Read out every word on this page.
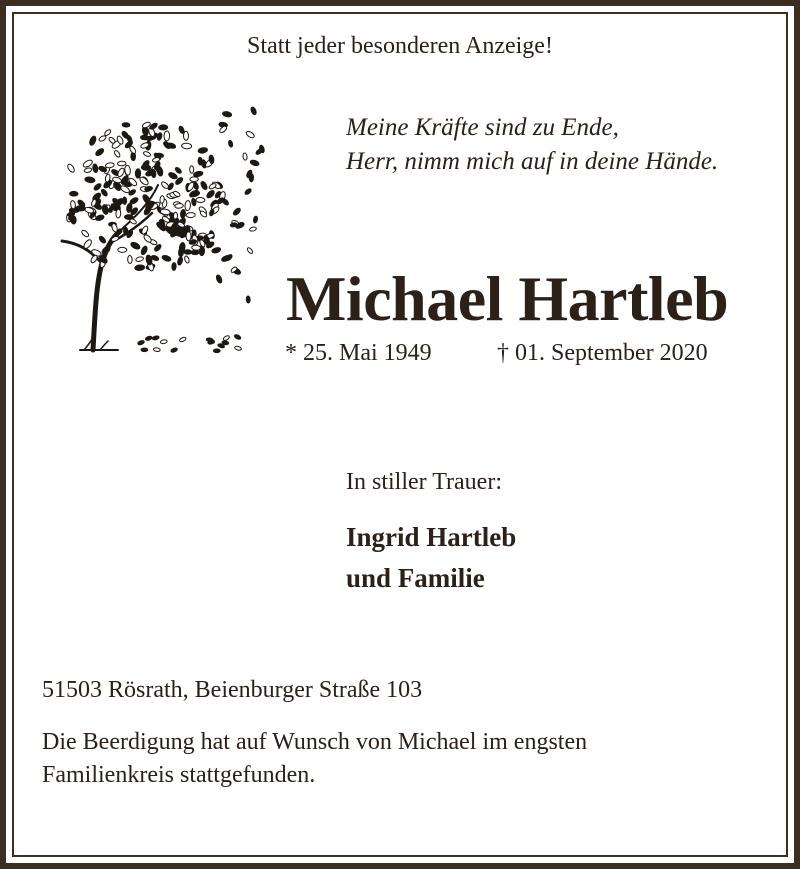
Statt jeder besonderen Anzeige!

Meine Kräfte sind zu Ende,

Herr, nimm mich auf in deine Hände.

Michael Hartleb

* 25. Mai 1949	† 01. September 2020

In stiller Trauer:

Ingrid Hartleb

und Familie

51503 Rösrath, Beienburger Straße 103

Die Beerdigung hat auf Wunsch von Michael im engsten

Familienkreis stattgefunden.
